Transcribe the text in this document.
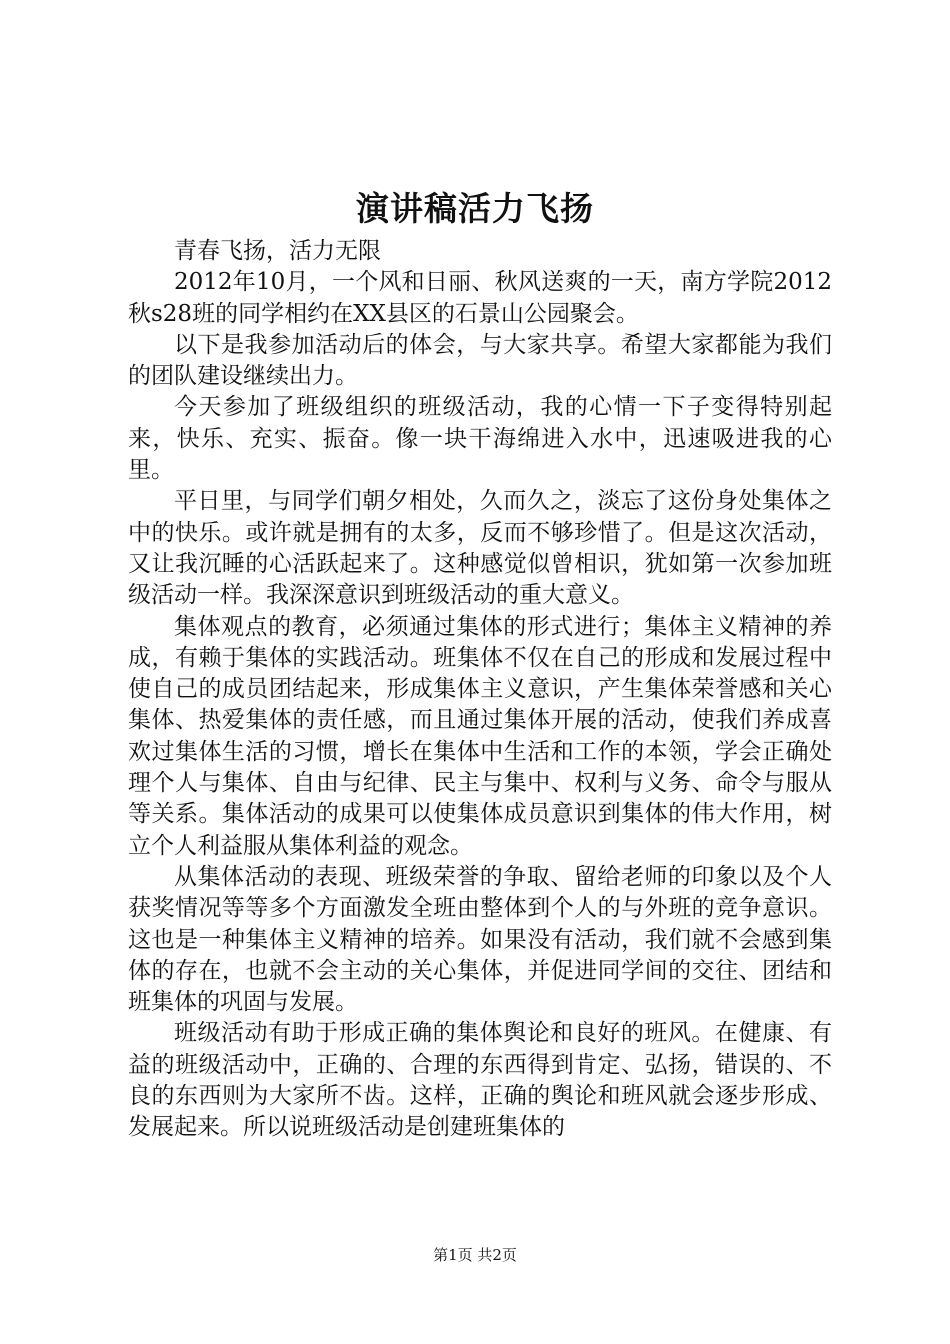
演讲稿活力飞扬

青春飞扬，活力无限

2012年10月，一个风和日丽、秋风送爽的一天，南方学院2012秋s28班的同学相约在XX县区的石景山公园聚会。

以下是我参加活动后的体会，与大家共享。希望大家都能为我们的团队建设继续出力。

今天参加了班级组织的班级活动，我的心情一下子变得特别起来，快乐、充实、振奋。像一块干海绵进入水中，迅速吸进我的心里。

平日里，与同学们朝夕相处，久而久之，淡忘了这份身处集体之中的快乐。或许就是拥有的太多，反而不够珍惜了。但是这次活动，又让我沉睡的心活跃起来了。这种感觉似曾相识，犹如第一次参加班级活动一样。我深深意识到班级活动的重大意义。

集体观点的教育，必须通过集体的形式进行；集体主义精神的养成，有赖于集体的实践活动。班集体不仅在自己的形成和发展过程中使自己的成员团结起来，形成集体主义意识，产生集体荣誉感和关心集体、热爱集体的责任感，而且通过集体开展的活动，使我们养成喜欢过集体生活的习惯，增长在集体中生活和工作的本领，学会正确处理个人与集体、自由与纪律、民主与集中、权利与义务、命令与服从等关系。集体活动的成果可以使集体成员意识到集体的伟大作用，树立个人利益服从集体利益的观念。

从集体活动的表现、班级荣誉的争取、留给老师的印象以及个人获奖情况等等多个方面激发全班由整体到个人的与外班的竞争意识。这也是一种集体主义精神的培养。如果没有活动，我们就不会感到集体的存在，也就不会主动的关心集体，并促进同学间的交往、团结和班集体的巩固与发展。

班级活动有助于形成正确的集体舆论和良好的班风。在健康、有益的班级活动中，正确的、合理的东西得到肯定、弘扬，错误的、不良的东西则为大家所不齿。这样，正确的舆论和班风就会逐步形成、发展起来。所以说班级活动是创建班集体的

第1页 共2页
